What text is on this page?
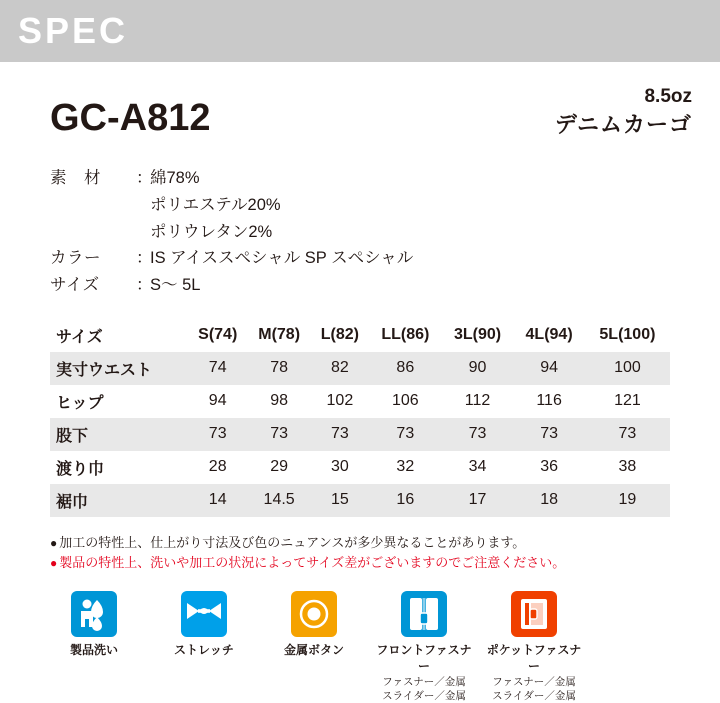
SPEC
GC-A812
8.5oz
デニムカーゴ
素　材	：
綿78%
ポリエステル20%
ポリウレタン2%
カラー	：
IS アイススペシャル SP スペシャル
サイズ	：
S～ 5L
サイズ	S(74)	M(78)	L(82)	LL(86)	3L(90)	4L(94)	5L(100)
実寸ウエスト	74	78	82	86	90	94	100
ヒップ	94	98	102	106	112	116	121
股下	73	73	73	73	73	73	73
渡り巾	28	29	30	32	34	36	38
裾巾	14	14.5	15	16	17	18	19
● 加工の特性上、仕上がり寸法及び色のニュアンスが多少異なることがあります。
● 製品の特性上、洗いや加工の状況によってサイズ差がございますのでご注意ください。
製品洗い	ストレッチ	金属ボタン	フロントファスナー
ファスナー／金属
スライダー／金属
ポケットファスナー
ファスナー／金属
スライダー／金属
